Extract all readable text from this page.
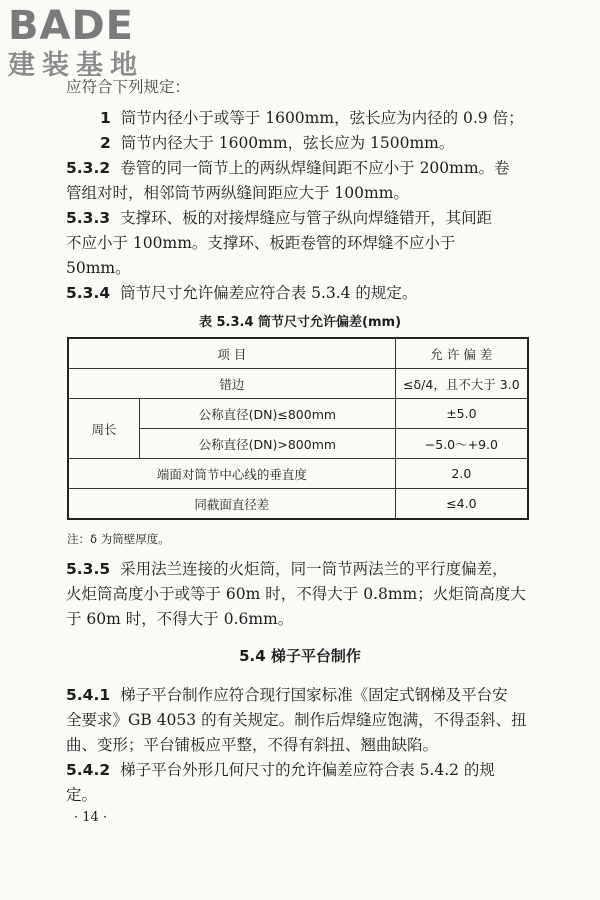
BADE
建装基地
应符合下列规定：
1 筒节内径小于或等于 1600mm，弦长应为内径的 0.9 倍；
2 筒节内径大于 1600mm，弦长应为 1500mm。
5.3.2 卷管的同一筒节上的两纵焊缝间距不应小于 200mm。卷
管组对时，相邻筒节两纵缝间距应大于 100mm。
5.3.3 支撑环、板的对接焊缝应与管子纵向焊缝错开，其间距
不应小于 100mm。支撑环、板距卷管的环焊缝不应小于
50mm。
5.3.4 筒节尺寸允许偏差应符合表 5.3.4 的规定。
表 5.3.4 筒节尺寸允许偏差(mm)
项 目		允 许 偏 差
错边		≤δ/4，且不大于 3.0
周长	公称直径(DN)≤800mm	±5.0
	公称直径(DN)>800mm	−5.0～+9.0
端面对筒节中心线的垂直度		2.0
同截面直径差		≤4.0
注：δ 为筒壁厚度。
5.3.5 采用法兰连接的火炬筒，同一筒节两法兰的平行度偏差，
火炬筒高度小于或等于 60m 时，不得大于 0.8mm；火炬筒高度大
于 60m 时，不得大于 0.6mm。
5.4 梯子平台制作
5.4.1 梯子平台制作应符合现行国家标准《固定式钢梯及平台安
全要求》GB 4053 的有关规定。制作后焊缝应饱满，不得歪斜、扭
曲、变形；平台铺板应平整，不得有斜扭、翘曲缺陷。
5.4.2 梯子平台外形几何尺寸的允许偏差应符合表 5.4.2 的规
定。
· 14 ·
